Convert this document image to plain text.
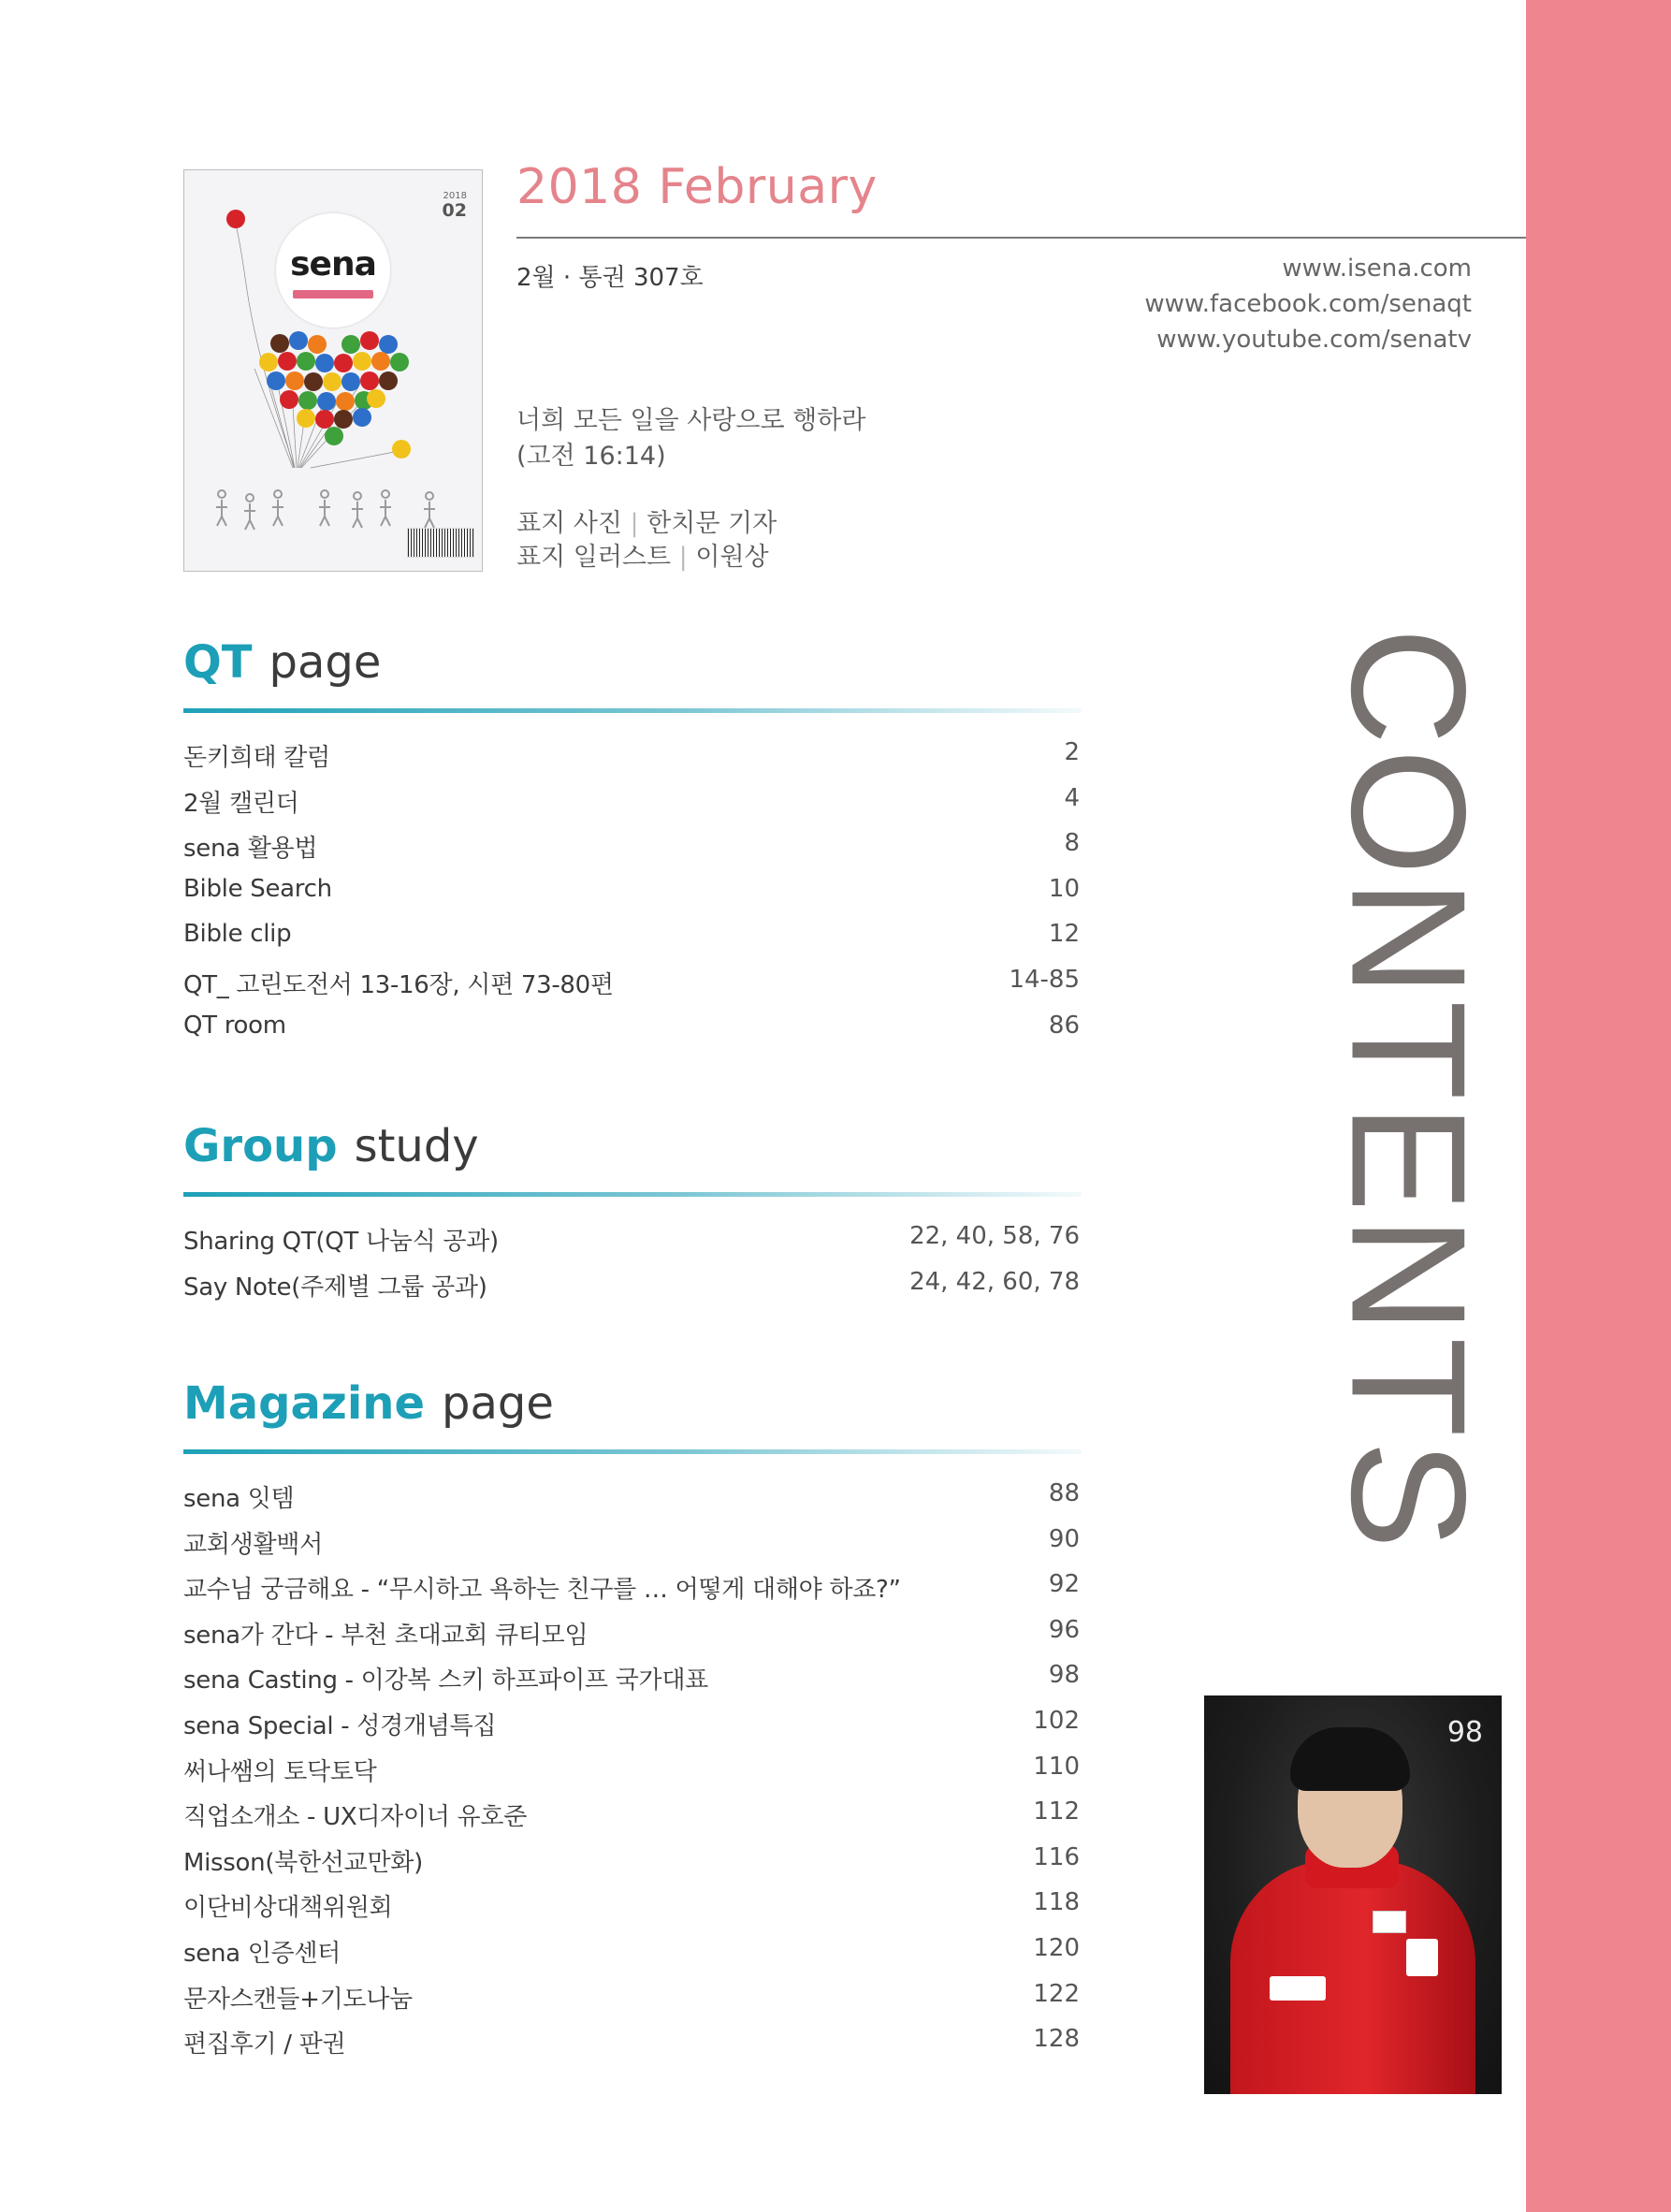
CONTENTS
2018
02
sena
2018 February
2월 · 통권 307호	www.isena.com
www.facebook.com/senaqt
www.youtube.com/senatv
너희 모든 일을 사랑으로 행하라
(고전 16:14)
표지 사진 | 한치문 기자
표지 일러스트 | 이원상
QT page
돈키희태 칼럼	2
2월 캘린더	4
sena 활용법	8
Bible Search	10
Bible clip	12
QT_ 고린도전서 13-16장, 시편 73-80편	14-85
QT room	86
Group study
Sharing QT(QT 나눔식 공과)	22, 40, 58, 76
Say Note(주제별 그룹 공과)	24, 42, 60, 78
Magazine page
sena 잇템	88
교회생활백서	90
교수님 궁금해요 - “무시하고 욕하는 친구를 … 어떻게 대해야 하죠?”	92
sena가 간다 - 부천 초대교회 큐티모임	96
sena Casting - 이강복 스키 하프파이프 국가대표	98
sena Special - 성경개념특집	102
써나쌤의 토닥토닥	110
직업소개소 - UX디자이너 유호준	112
Misson(북한선교만화)	116
이단비상대책위원회	118
sena 인증센터	120
문자스캔들+기도나눔	122
편집후기 / 판권	128
98
